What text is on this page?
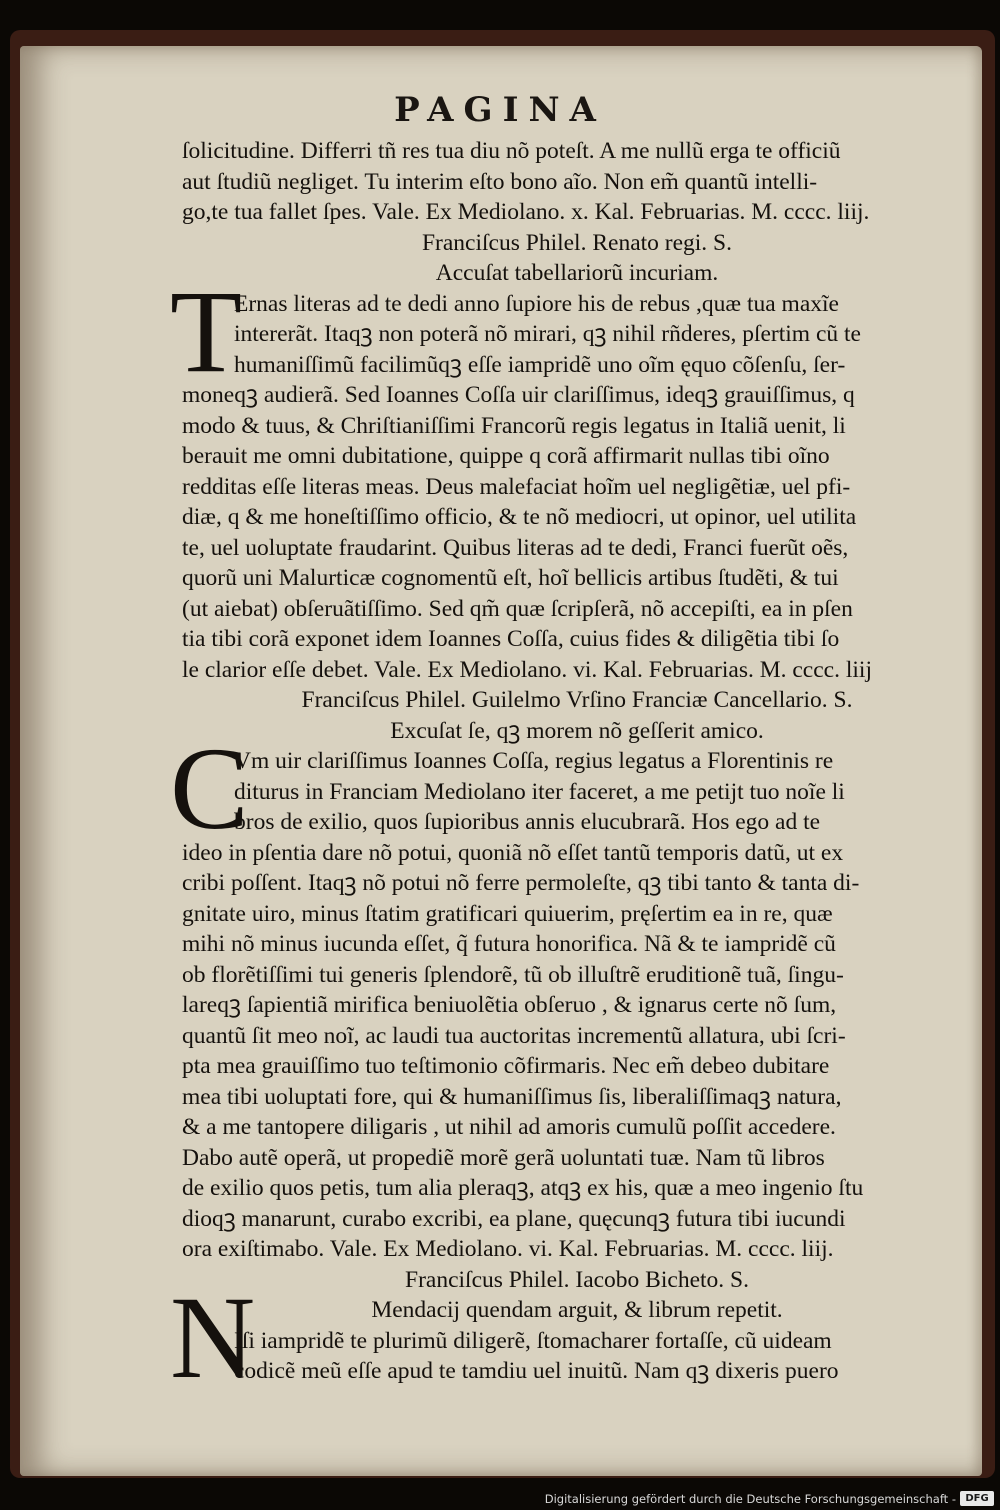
PAGINA
ſolicitudine. Differri tñ res tua diu nõ poteſt. A me nullũ erga te officiũ
aut ſtudiũ negliget. Tu interim eſto bono aĩo. Non em̃ quantũ intelli-
go,te tua fallet ſpes. Vale. Ex Mediolano. x. Kal. Februarias. M. cccc. liij.
Franciſcus Philel. Renato regi. S.
Accuſat tabellariorũ incuriam.
T
Ernas literas ad te dedi anno ſupiore his de rebus ,quæ tua maxĩe
intererãt. Itaqꝫ non poterã nõ mirari, qꝫ nihil rñderes, pſertim cũ te
humaniſſimũ facilimũqꝫ eſſe iampridẽ uno oĩm ęquo cõſenſu, ſer-
moneqꝫ audierã. Sed Ioannes Coſſa uir clariſſimus, ideqꝫ grauiſſimus, q
modo & tuus, & Chriſtianiſſimi Francorũ regis legatus in Italiã uenit, li
berauit me omni dubitatione, quippe q corã affirmarit nullas tibi oĩno
redditas eſſe literas meas. Deus malefaciat hoĩm uel negligẽtiæ, uel pfi-
diæ, q & me honeſtiſſimo officio, & te nõ mediocri, ut opinor, uel utilita
te, uel uoluptate fraudarint. Quibus literas ad te dedi, Franci fuerũt oẽs,
quorũ uni Malurticæ cognomentũ eſt, hoĩ bellicis artibus ſtudẽti, & tui
(ut aiebat) obſeruãtiſſimo. Sed qm̃ quæ ſcripſerã, nõ accepiſti, ea in pſen
tia tibi corã exponet idem Ioannes Coſſa, cuius fides & diligẽtia tibi ſo
le clarior eſſe debet. Vale. Ex Mediolano. vi. Kal. Februarias. M. cccc. liij
Franciſcus Philel. Guilelmo Vrſino Franciæ Cancellario. S.
Excuſat ſe, qꝫ morem nõ geſſerit amico.
C
Vm uir clariſſimus Ioannes Coſſa, regius legatus a Florentinis re
diturus in Franciam Mediolano iter faceret, a me petijt tuo noĩe li
bros de exilio, quos ſupioribus annis elucubrarã. Hos ego ad te
ideo in pſentia dare nõ potui, quoniã nõ eſſet tantũ temporis datũ, ut ex
cribi poſſent. Itaqꝫ nõ potui nõ ferre permoleſte, qꝫ tibi tanto & tanta di-
gnitate uiro, minus ſtatim gratificari quiuerim, pręſertim ea in re, quæ
mihi nõ minus iucunda eſſet, q̃ futura honorifica. Nã & te iampridẽ cũ
ob florẽtiſſimi tui generis ſplendorẽ, tũ ob illuſtrẽ eruditionẽ tuã, ſingu-
lareqꝫ ſapientiã mirifica beniuolẽtia obſeruo , & ignarus certe nõ ſum,
quantũ ſit meo noĩ, ac laudi tua auctoritas incrementũ allatura, ubi ſcri-
pta mea grauiſſimo tuo teſtimonio cõfirmaris. Nec em̃ debeo dubitare
mea tibi uoluptati fore, qui & humaniſſimus ſis, liberaliſſimaqꝫ natura,
& a me tantopere diligaris , ut nihil ad amoris cumulũ poſſit accedere.
Dabo autẽ operã, ut propediẽ morẽ gerã uoluntati tuæ. Nam tũ libros
de exilio quos petis, tum alia pleraqꝫ, atqꝫ ex his, quæ a meo ingenio ſtu
dioqꝫ manarunt, curabo excribi, ea plane, quęcunqꝫ futura tibi iucundi
ora exiſtimabo. Vale. Ex Mediolano. vi. Kal. Februarias. M. cccc. liij.
Franciſcus Philel. Iacobo Bicheto. S.
N	Mendacij quendam arguit, & librum repetit.
Iſi iampridẽ te plurimũ diligerẽ, ſtomacharer fortaſſe, cũ uideam
codicẽ meũ eſſe apud te tamdiu uel inuitũ. Nam qꝫ dixeris puero
Digitalisierung gefördert durch die Deutsche Forschungsgemeinschaft - DFG
